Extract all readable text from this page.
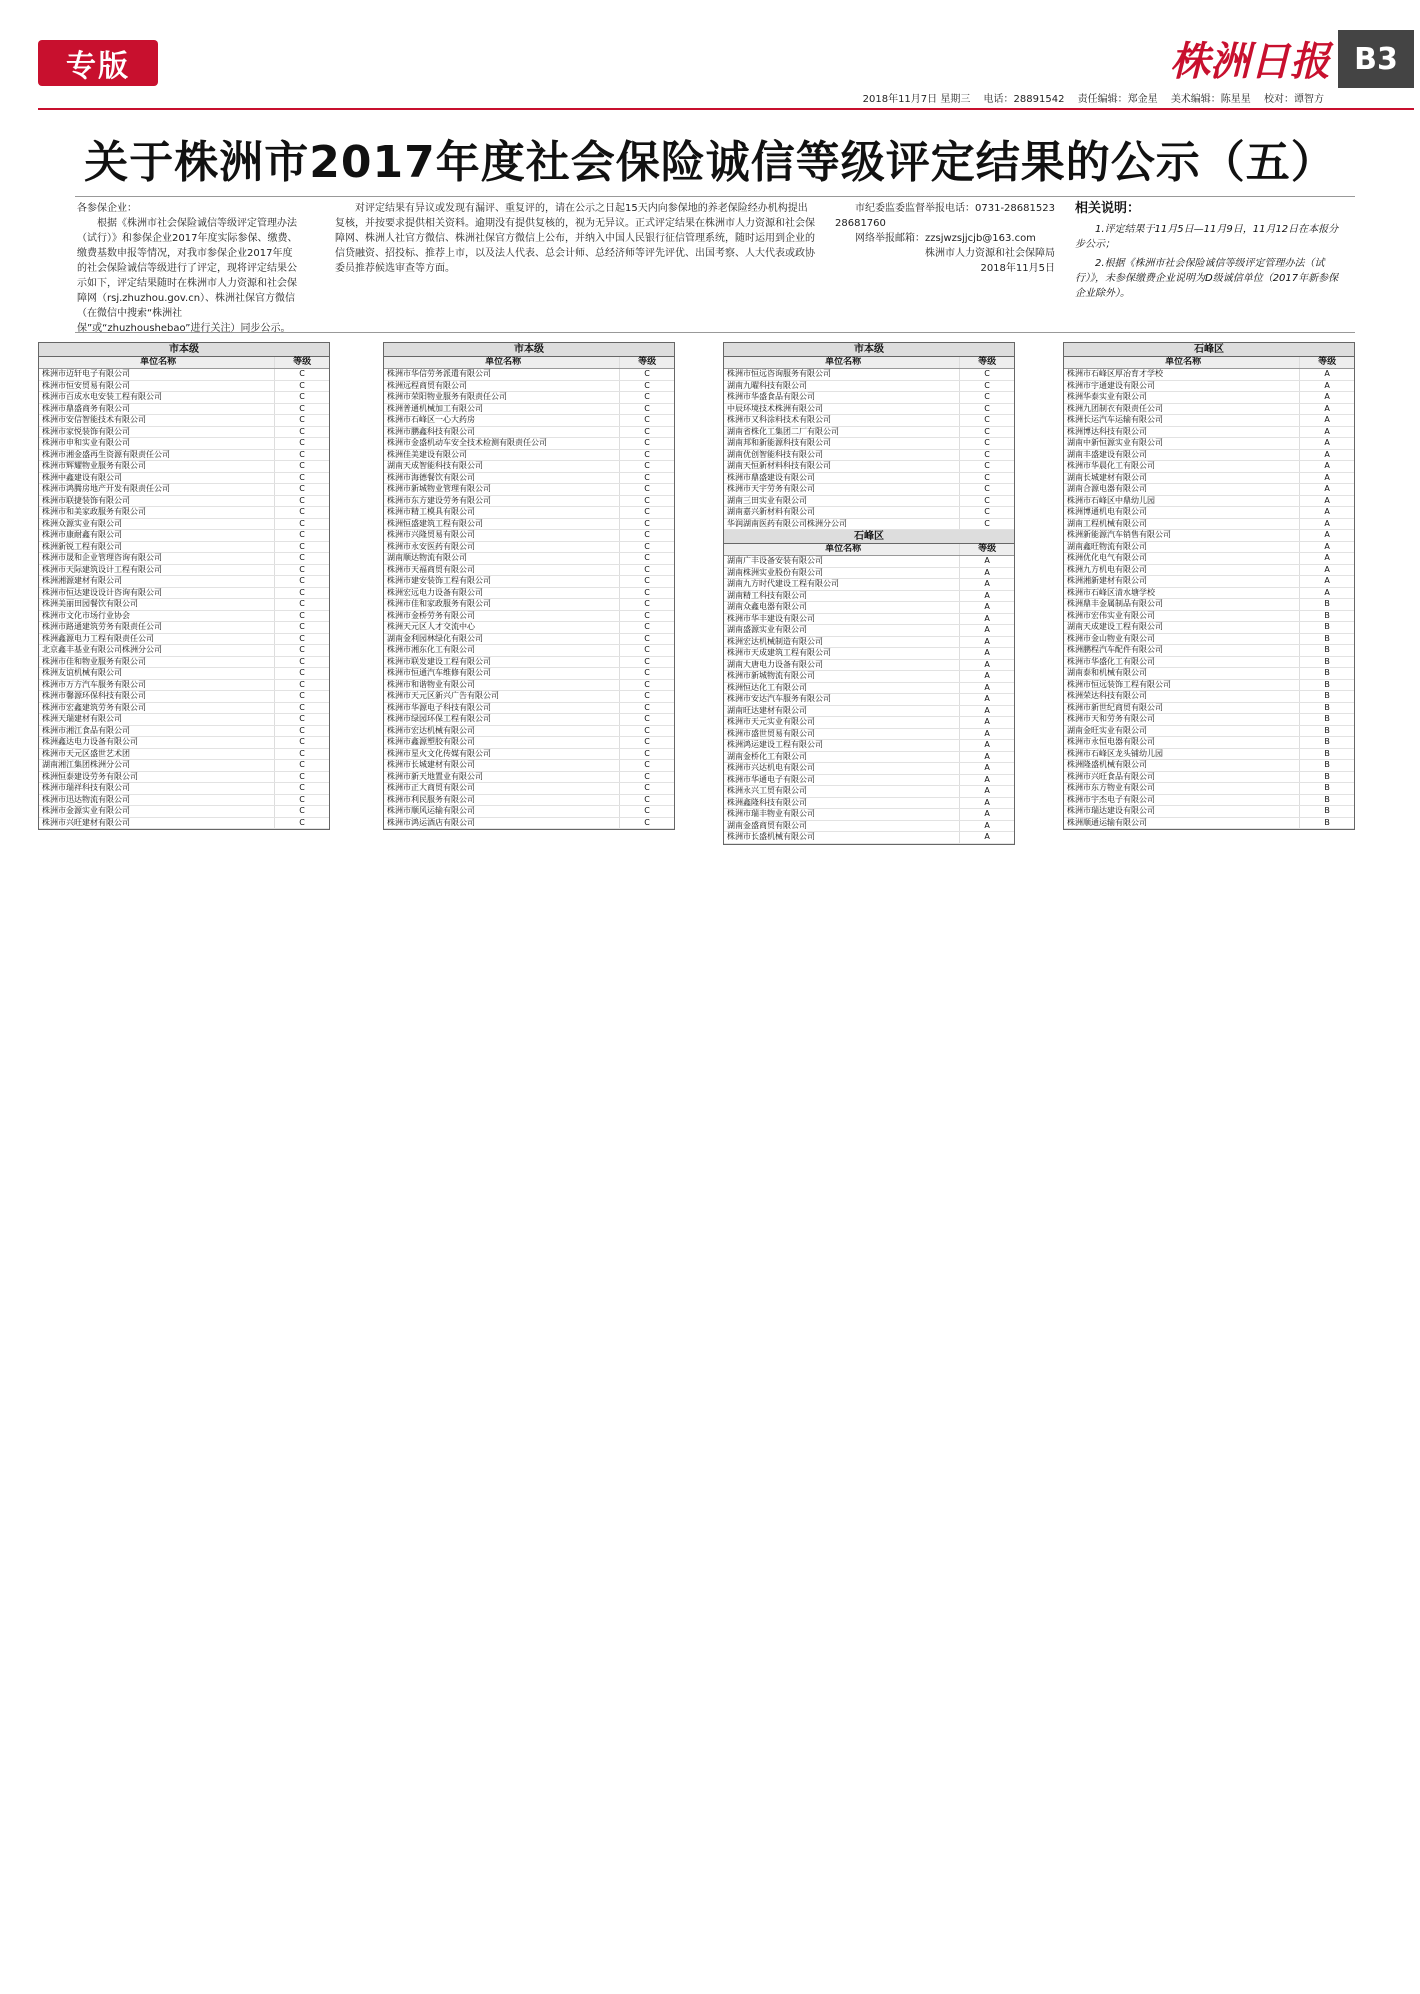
专版	株洲日报 B3
2018年11月7日 星期三 电话：28891542 责任编辑：郑金星 美术编辑：陈星星 校对：谭智方
关于株洲市2017年度社会保险诚信等级评定结果的公示（五）

各参保企业：

根据《株洲市社会保险诚信等级评定管理办法（试行）》和参保企业2017年度实际参保、缴费、缴费基数申报等情况，对我市参保企业2017年度的社会保险诚信等级进行了评定，现将评定结果公示如下，评定结果随时在株洲市人力资源和社会保障网（rsj.zhuzhou.gov.cn）、株洲社保官方微信（在微信中搜索“株洲社保”或“zhuzhoushebao”进行关注）同步公示。

对评定结果有异议或发现有漏评、重复评的，请在公示之日起15天内向参保地的养老保险经办机构提出复核，并按要求提供相关资料。逾期没有提供复核的，视为无异议。正式评定结果在株洲市人力资源和社会保障网、株洲人社官方微信、株洲社保官方微信上公布，并纳入中国人民银行征信管理系统，随时运用到企业的信贷融资、招投标、推荐上市，以及法人代表、总会计师、总经济师等评先评优、出国考察、人大代表或政协委员推荐候选审查等方面。

市纪委监委监督举报电话：0731-28681523 28681760

网络举报邮箱：zzsjwzsjjcjb@163.com

株洲市人力资源和社会保障局

2018年11月5日

相关说明：

1.评定结果于11月5日—11月9日，11月12日在本报分步公示；

2.根据《株洲市社会保险诚信等级评定管理办法（试行）》，未参保缴费企业说明为D级诚信单位（2017年新参保企业除外）。

市本级
单位名称	等级
株洲市迈轩电子有限公司	C
株洲市恒安贸易有限公司	C
株洲市百成水电安装工程有限公司	C
株洲市鼎盛商务有限公司	C
株洲市安信智能技术有限公司	C
株洲市家悦装饰有限公司	C
株洲市申和实业有限公司	C
株洲市湘金盛再生资源有限责任公司	C
株洲市辉耀物业服务有限公司	C
株洲中鑫建设有限公司	C
株洲市鸿腾房地产开发有限责任公司	C
株洲市联捷装饰有限公司	C
株洲市和美家政服务有限公司	C
株洲众源实业有限公司	C
株洲市康耐鑫有限公司	C
株洲新锐工程有限公司	C
株洲市晟和企业管理咨询有限公司	C
株洲市天际建筑设计工程有限公司	C
株洲湘源建材有限公司	C
株洲市恒达建设设计咨询有限公司	C
株洲美丽田园餐饮有限公司	C
株洲市文化市场行业协会	C
株洲市路通建筑劳务有限责任公司	C
株洲鑫源电力工程有限责任公司	C
北京鑫丰基业有限公司株洲分公司	C
株洲市佳和物业服务有限公司	C
株洲友谊机械有限公司	C
株洲市万方汽车服务有限公司	C
株洲市馨源环保科技有限公司	C
株洲市宏鑫建筑劳务有限公司	C
株洲天瑞建材有限公司	C
株洲市湘江食品有限公司	C
株洲鑫达电力设备有限公司	C
株洲市天元区盛世艺术团	C
湖南湘江集团株洲分公司	C
株洲恒泰建设劳务有限公司	C
株洲市瑞祥科技有限公司	C
株洲市迅达物流有限公司	C
株洲市金源实业有限公司	C
株洲市兴旺建材有限公司	C
市本级
单位名称	等级
株洲市华信劳务派遣有限公司	C
株洲远程商贸有限公司	C
株洲市荣阳物业服务有限责任公司	C
株洲普通机械加工有限公司	C
株洲市石峰区一心大药房	C
株洲市鹏鑫科技有限公司	C
株洲市金盛机动车安全技术检测有限责任公司	C
株洲佳美建设有限公司	C
湖南天成智能科技有限公司	C
株洲市海德餐饮有限公司	C
株洲市新城物业管理有限公司	C
株洲市东方建设劳务有限公司	C
株洲市精工模具有限公司	C
株洲恒盛建筑工程有限公司	C
株洲市兴隆贸易有限公司	C
株洲市永安医药有限公司	C
湖南顺达物流有限公司	C
株洲市天福商贸有限公司	C
株洲市建安装饰工程有限公司	C
株洲宏远电力设备有限公司	C
株洲市佳和家政服务有限公司	C
株洲市金桥劳务有限公司	C
株洲天元区人才交流中心	C
湖南金利园林绿化有限公司	C
株洲市湘东化工有限公司	C
株洲市联发建设工程有限公司	C
株洲市恒通汽车维修有限公司	C
株洲市和谐物业有限公司	C
株洲市天元区新兴广告有限公司	C
株洲市华源电子科技有限公司	C
株洲市绿园环保工程有限公司	C
株洲市宏达机械有限公司	C
株洲市鑫源塑胶有限公司	C
株洲市星火文化传媒有限公司	C
株洲市长城建材有限公司	C
株洲市新天地置业有限公司	C
株洲市正大商贸有限公司	C
株洲市利民服务有限公司	C
株洲市顺风运输有限公司	C
株洲市鸿运酒店有限公司	C
市本级
单位名称	等级
株洲市恒远咨询服务有限公司	C
湖南九曜科技有限公司	C
株洲市华盛食品有限公司	C
中辰环境技术株洲有限公司	C
株洲市又科涂料技术有限公司	C
湖南省株化工集团二厂有限公司	C
湖南邦和新能源科技有限公司	C
湖南优创智能科技有限公司	C
湖南天恒新材料科技有限公司	C
株洲市鼎盛建设有限公司	C
株洲市天宇劳务有限公司	C
湖南三田实业有限公司	C
湖南嘉兴新材料有限公司	C
华润湖南医药有限公司株洲分公司	C
石峰区
单位名称	等级
湖南广丰设备安装有限公司	A
湖南株洲实业股份有限公司	A
湖南九方时代建设工程有限公司	A
湖南精工科技有限公司	A
湖南众鑫电器有限公司	A
株洲市华丰建设有限公司	A
湖南盛源实业有限公司	A
株洲宏达机械制造有限公司	A
株洲市天成建筑工程有限公司	A
湖南大唐电力设备有限公司	A
株洲市新城物流有限公司	A
株洲恒达化工有限公司	A
株洲市安达汽车服务有限公司	A
湖南旺达建材有限公司	A
株洲市天元实业有限公司	A
株洲市盛世贸易有限公司	A
株洲鸿运建设工程有限公司	A
湖南金桥化工有限公司	A
株洲市兴达机电有限公司	A
株洲市华通电子有限公司	A
株洲永兴工贸有限公司	A
株洲鑫隆科技有限公司	A
株洲市瑞丰物业有限公司	A
湖南金盛商贸有限公司	A
株洲市长盛机械有限公司	A
石峰区
单位名称	等级
株洲市石峰区厚冶育才学校	A
株洲市宇通建设有限公司	A
株洲华泰实业有限公司	A
株洲九团制衣有限责任公司	A
株洲长运汽车运输有限公司	A
株洲博达科技有限公司	A
湖南中新恒源实业有限公司	A
湖南丰盛建设有限公司	A
株洲市华晨化工有限公司	A
湖南长城建材有限公司	A
湖南合源电器有限公司	A
株洲市石峰区中鼎幼儿园	A
株洲博通机电有限公司	A
湖南工程机械有限公司	A
株洲新能源汽车销售有限公司	A
湖南鑫旺物流有限公司	A
株洲优化电气有限公司	A
株洲九方机电有限公司	A
株洲湘新建材有限公司	A
株洲市石峰区清水塘学校	A
株洲鼎丰金属制品有限公司	B
株洲市宏伟实业有限公司	B
湖南天成建设工程有限公司	B
株洲市金山物业有限公司	B
株洲鹏程汽车配件有限公司	B
株洲市华盛化工有限公司	B
湖南泰和机械有限公司	B
株洲市恒远装饰工程有限公司	B
株洲荣达科技有限公司	B
株洲市新世纪商贸有限公司	B
株洲市天和劳务有限公司	B
湖南金旺实业有限公司	B
株洲市永恒电器有限公司	B
株洲市石峰区龙头铺幼儿园	B
株洲隆盛机械有限公司	B
株洲市兴旺食品有限公司	B
株洲市东方物业有限公司	B
株洲市宇杰电子有限公司	B
株洲市瑞达建设有限公司	B
株洲顺通运输有限公司	B
